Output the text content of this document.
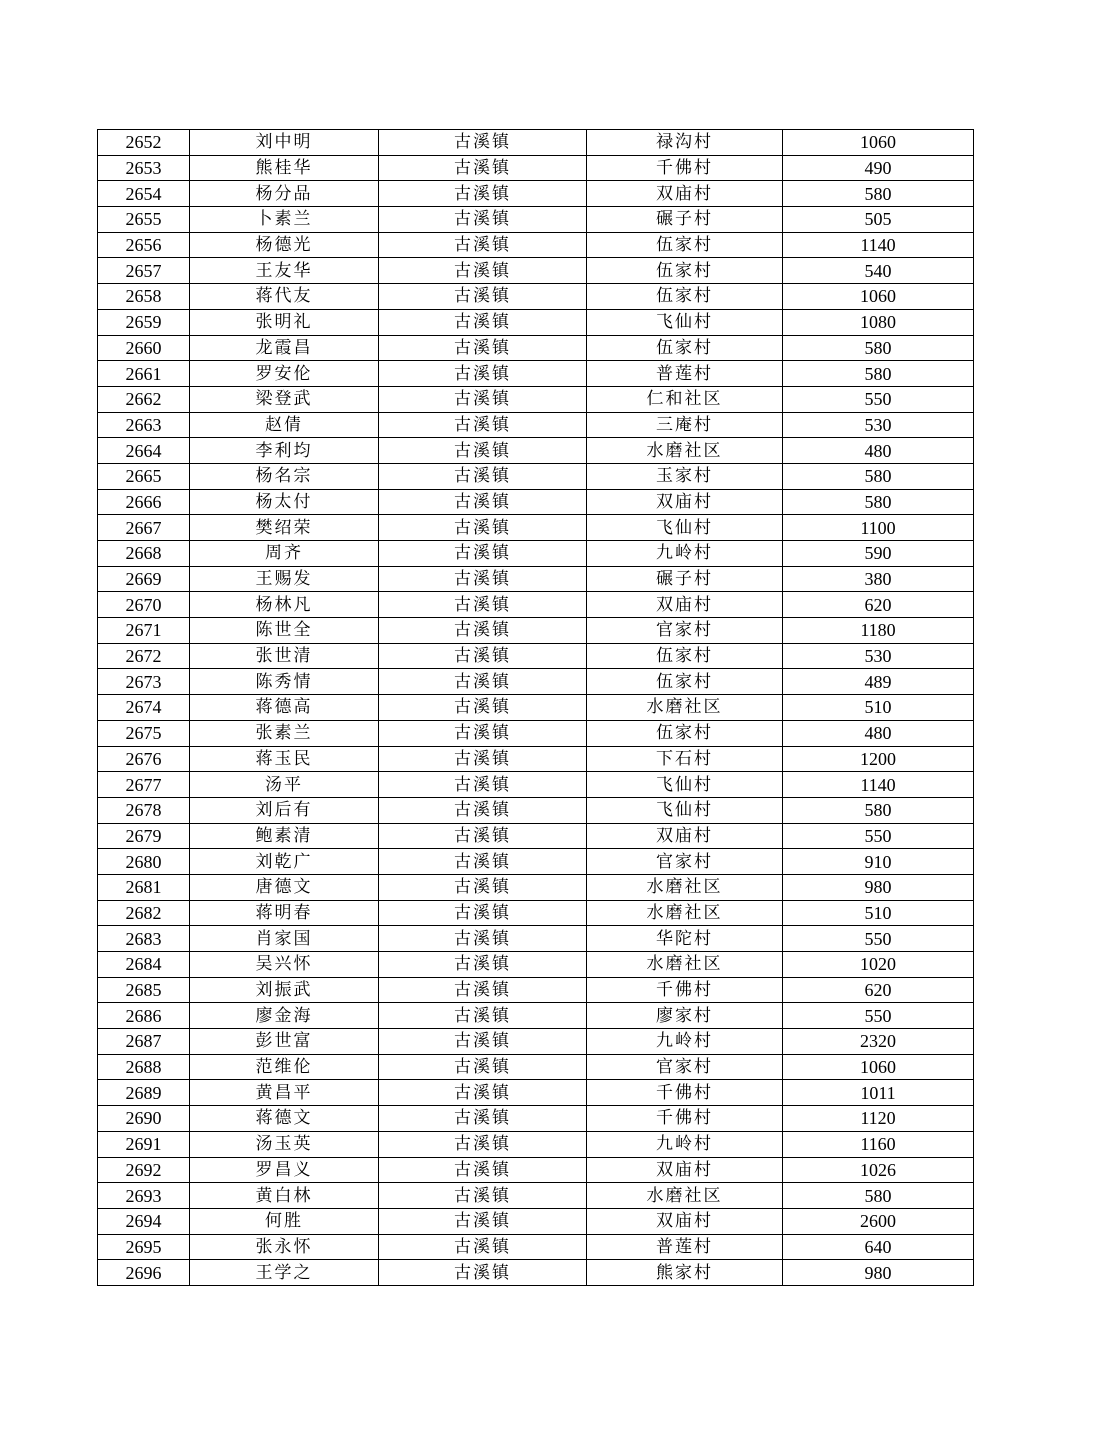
2652	刘中明	古溪镇	禄沟村	1060
2653	熊桂华	古溪镇	千佛村	490
2654	杨分品	古溪镇	双庙村	580
2655	卜素兰	古溪镇	碾子村	505
2656	杨德光	古溪镇	伍家村	1140
2657	王友华	古溪镇	伍家村	540
2658	蒋代友	古溪镇	伍家村	1060
2659	张明礼	古溪镇	飞仙村	1080
2660	龙霞昌	古溪镇	伍家村	580
2661	罗安伦	古溪镇	普莲村	580
2662	梁登武	古溪镇	仁和社区	550
2663	赵倩	古溪镇	三庵村	530
2664	李利均	古溪镇	水磨社区	480
2665	杨名宗	古溪镇	玉家村	580
2666	杨太付	古溪镇	双庙村	580
2667	樊绍荣	古溪镇	飞仙村	1100
2668	周齐	古溪镇	九岭村	590
2669	王赐发	古溪镇	碾子村	380
2670	杨林凡	古溪镇	双庙村	620
2671	陈世全	古溪镇	官家村	1180
2672	张世清	古溪镇	伍家村	530
2673	陈秀情	古溪镇	伍家村	489
2674	蒋德高	古溪镇	水磨社区	510
2675	张素兰	古溪镇	伍家村	480
2676	蒋玉民	古溪镇	下石村	1200
2677	汤平	古溪镇	飞仙村	1140
2678	刘后有	古溪镇	飞仙村	580
2679	鲍素清	古溪镇	双庙村	550
2680	刘乾广	古溪镇	官家村	910
2681	唐德文	古溪镇	水磨社区	980
2682	蒋明春	古溪镇	水磨社区	510
2683	肖家国	古溪镇	华陀村	550
2684	吴兴怀	古溪镇	水磨社区	1020
2685	刘振武	古溪镇	千佛村	620
2686	廖金海	古溪镇	廖家村	550
2687	彭世富	古溪镇	九岭村	2320
2688	范维伦	古溪镇	官家村	1060
2689	黄昌平	古溪镇	千佛村	1011
2690	蒋德文	古溪镇	千佛村	1120
2691	汤玉英	古溪镇	九岭村	1160
2692	罗昌义	古溪镇	双庙村	1026
2693	黄白林	古溪镇	水磨社区	580
2694	何胜	古溪镇	双庙村	2600
2695	张永怀	古溪镇	普莲村	640
2696	王学之	古溪镇	熊家村	980
